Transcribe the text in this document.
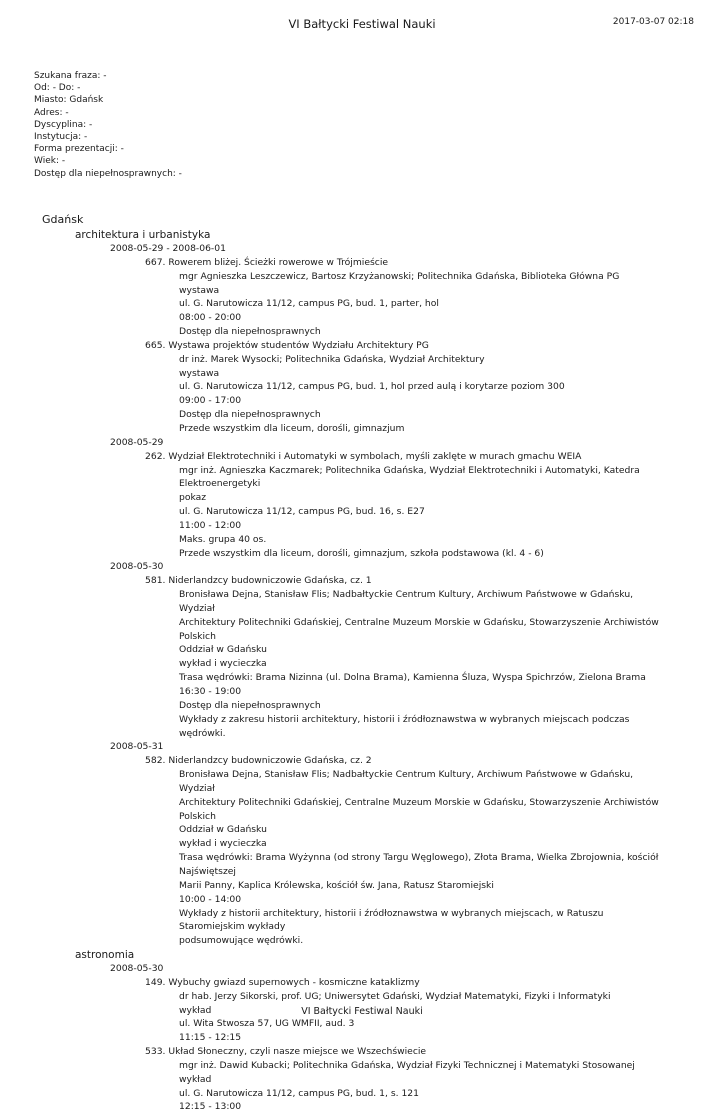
VI Bałtycki Festiwal Nauki	2017-03-07 02:18
Szukana fraza: -
Od: - Do: -
Miasto: Gdańsk
Adres: -
Dyscyplina: -
Instytucja: -
Forma prezentacji: -
Wiek: -
Dostęp dla niepełnosprawnych: -
Gdańsk
architektura i urbanistyka
2008-05-29 - 2008-06-01
667. Rowerem bliżej. Ścieżki rowerowe w Trójmieście
mgr Agnieszka Leszczewicz, Bartosz Krzyżanowski; Politechnika Gdańska, Biblioteka Główna PG
wystawa
ul. G. Narutowicza 11/12, campus PG, bud. 1, parter, hol
08:00 - 20:00
Dostęp dla niepełnosprawnych
665. Wystawa projektów studentów Wydziału Architektury PG
dr inż. Marek Wysocki; Politechnika Gdańska, Wydział Architektury
wystawa
ul. G. Narutowicza 11/12, campus PG, bud. 1, hol przed aulą i korytarze poziom 300
09:00 - 17:00
Dostęp dla niepełnosprawnych
Przede wszystkim dla liceum, dorośli, gimnazjum
2008-05-29
262. Wydział Elektrotechniki i Automatyki w symbolach, myśli zaklęte w murach gmachu WEIA
mgr inż. Agnieszka Kaczmarek; Politechnika Gdańska, Wydział Elektrotechniki i Automatyki, Katedra Elektroenergetyki
pokaz
ul. G. Narutowicza 11/12, campus PG, bud. 16, s. E27
11:00 - 12:00
Maks. grupa 40 os.
Przede wszystkim dla liceum, dorośli, gimnazjum, szkoła podstawowa (kl. 4 - 6)
2008-05-30
581. Niderlandzcy budowniczowie Gdańska, cz. 1
Bronisława Dejna, Stanisław Flis; Nadbałtyckie Centrum Kultury, Archiwum Państwowe w Gdańsku, Wydział
Architektury Politechniki Gdańskiej, Centralne Muzeum Morskie w Gdańsku, Stowarzyszenie Archiwistów Polskich
Oddział w Gdańsku
wykład i wycieczka
Trasa wędrówki: Brama Nizinna (ul. Dolna Brama), Kamienna Śluza, Wyspa Spichrzów, Zielona Brama
16:30 - 19:00
Dostęp dla niepełnosprawnych
Wykłady z zakresu historii architektury, historii i źródłoznawstwa w wybranych miejscach podczas wędrówki.
2008-05-31
582. Niderlandzcy budowniczowie Gdańska, cz. 2
Bronisława Dejna, Stanisław Flis; Nadbałtyckie Centrum Kultury, Archiwum Państwowe w Gdańsku, Wydział
Architektury Politechniki Gdańskiej, Centralne Muzeum Morskie w Gdańsku, Stowarzyszenie Archiwistów Polskich
Oddział w Gdańsku
wykład i wycieczka
Trasa wędrówki: Brama Wyżynna (od strony Targu Węglowego), Złota Brama, Wielka Zbrojownia, kościół Najświętszej
Marii Panny, Kaplica Królewska, kościół św. Jana, Ratusz Staromiejski
10:00 - 14:00
Wykłady z historii architektury, historii i źródłoznawstwa w wybranych miejscach, w Ratuszu Staromiejskim wykłady
podsumowujące wędrówki.
astronomia
2008-05-30
149. Wybuchy gwiazd supernowych - kosmiczne kataklizmy
dr hab. Jerzy Sikorski, prof. UG; Uniwersytet Gdański, Wydział Matematyki, Fizyki i Informatyki
wykład
ul. Wita Stwosza 57, UG WMFII, aud. 3
11:15 - 12:15
533. Układ Słoneczny, czyli nasze miejsce we Wszechświecie
mgr inż. Dawid Kubacki; Politechnika Gdańska, Wydział Fizyki Technicznej i Matematyki Stosowanej
wykład
ul. G. Narutowicza 11/12, campus PG, bud. 1, s. 121
12:15 - 13:00
VI Bałtycki Festiwal Nauki
